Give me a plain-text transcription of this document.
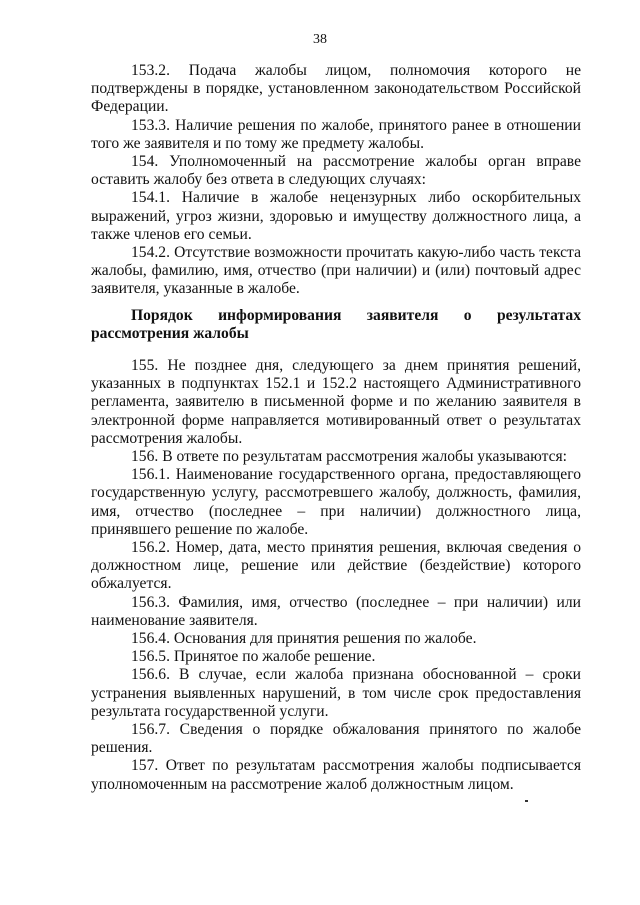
38

153.2. Подача жалобы лицом, полномочия которого не подтверждены в порядке, установленном законодательством Российской Федерации.

153.3. Наличие решения по жалобе, принятого ранее в отношении того же заявителя и по тому же предмету жалобы.

154. Уполномоченный на рассмотрение жалобы орган вправе оставить жалобу без ответа в следующих случаях:

154.1. Наличие в жалобе нецензурных либо оскорбительных выражений, угроз жизни, здоровью и имуществу должностного лица, а также членов его семьи.

154.2. Отсутствие возможности прочитать какую-либо часть текста жалобы, фамилию, имя, отчество (при наличии) и (или) почтовый адрес заявителя, указанные в жалобе.

Порядок информирования заявителя о результатах рассмотрения жалобы

155. Не позднее дня, следующего за днем принятия решений, указанных в подпунктах 152.1 и 152.2 настоящего Административного регламента, заявителю в письменной форме и по желанию заявителя в электронной форме направляется мотивированный ответ о результатах рассмотрения жалобы.

156. В ответе по результатам рассмотрения жалобы указываются:

156.1. Наименование государственного органа, предоставляющего государственную услугу, рассмотревшего жалобу, должность, фамилия, имя, отчество (последнее – при наличии) должностного лица, принявшего решение по жалобе.

156.2. Номер, дата, место принятия решения, включая сведения о должностном лице, решение или действие (бездействие) которого обжалуется.

156.3. Фамилия, имя, отчество (последнее – при наличии) или наименование заявителя.

156.4. Основания для принятия решения по жалобе.

156.5. Принятое по жалобе решение.

156.6. В случае, если жалоба признана обоснованной – сроки устранения выявленных нарушений, в том числе срок предоставления результата государственной услуги.

156.7. Сведения о порядке обжалования принятого по жалобе решения.

157. Ответ по результатам рассмотрения жалобы подписывается уполномоченным на рассмотрение жалоб должностным лицом.
